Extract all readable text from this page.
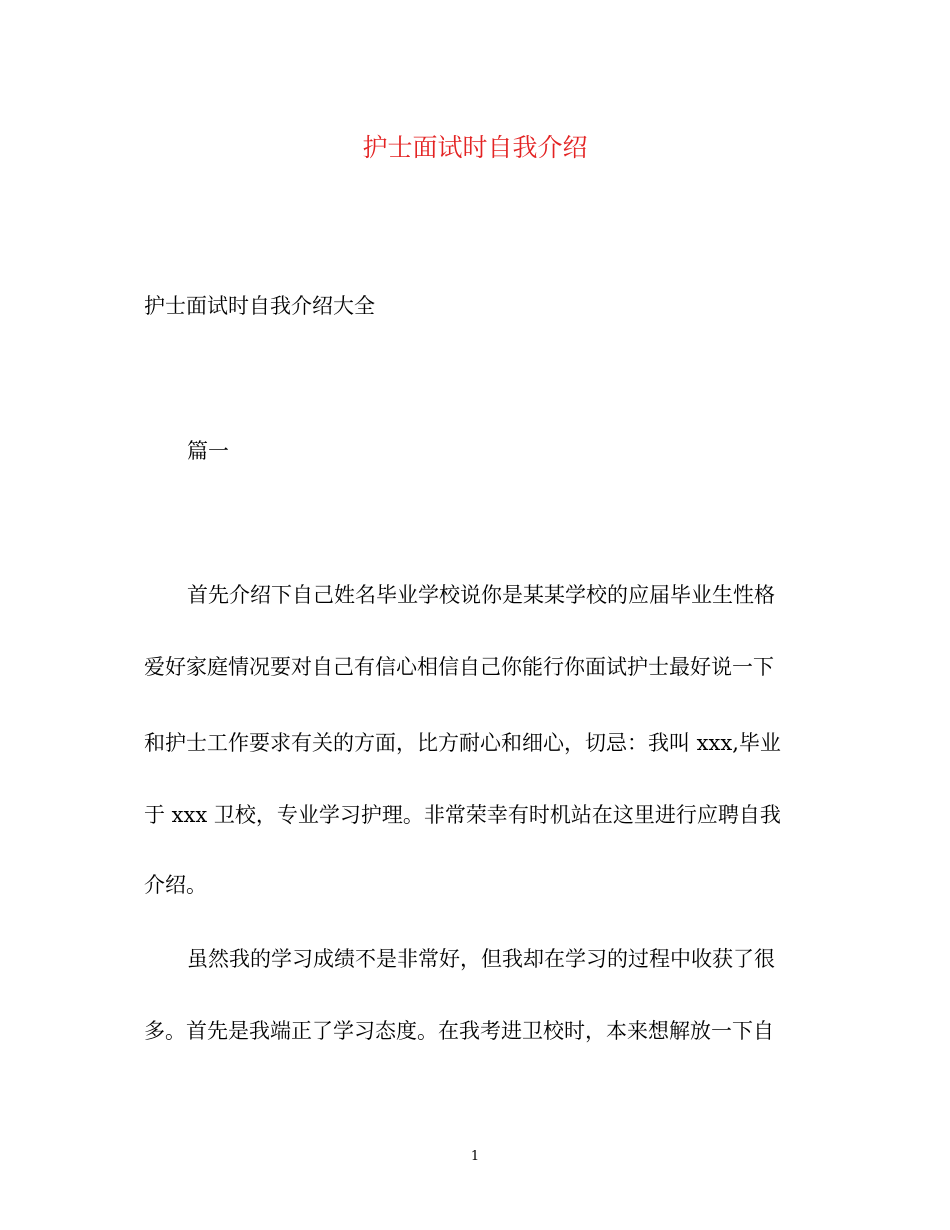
护士面试时自我介绍
护士面试时自我介绍大全
篇一
首先介绍下自己姓名毕业学校说你是某某学校的应届毕业生性格
爱好家庭情况要对自己有信心相信自己你能行你面试护士最好说一下
和护士工作要求有关的方面，比方耐心和细心，切忌：我叫 xxx,毕业
于 xxx 卫校，专业学习护理。非常荣幸有时机站在这里进行应聘自我
介绍。
虽然我的学习成绩不是非常好，但我却在学习的过程中收获了很
多。首先是我端正了学习态度。在我考进卫校时，本来想解放一下自
1
